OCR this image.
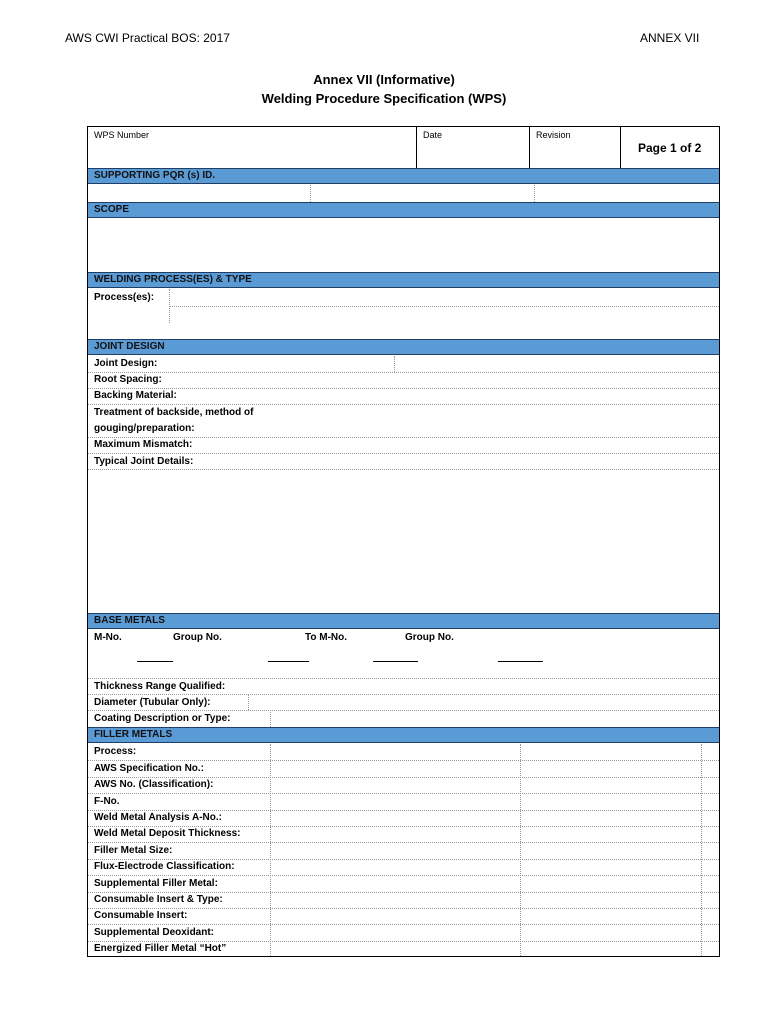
AWS CWI Practical BOS: 2017	ANNEX VII
Annex VII (Informative)
Welding Procedure Specification (WPS)
WPS Number	Date	Revision
Page 1 of 2
SUPPORTING PQR (s) ID.
SCOPE
WELDING PROCESS(ES) & TYPE
Process(es):
JOINT DESIGN
Joint Design:
Root Spacing:
Backing Material:
Treatment of backside, method of
gouging/preparation:
Maximum Mismatch:
Typical Joint Details:
BASE METALS
M-No.	Group No.	To M-No.	Group No.
Thickness Range Qualified:
Diameter (Tubular Only):
Coating Description or Type:
FILLER METALS
Process:
AWS Specification No.:
AWS No. (Classification):
F-No.
Weld Metal Analysis A-No.:
Weld Metal Deposit Thickness:
Filler Metal Size:
Flux-Electrode Classification:
Supplemental Filler Metal:
Consumable Insert & Type:
Consumable Insert:
Supplemental Deoxidant:
Energized Filler Metal “Hot”
